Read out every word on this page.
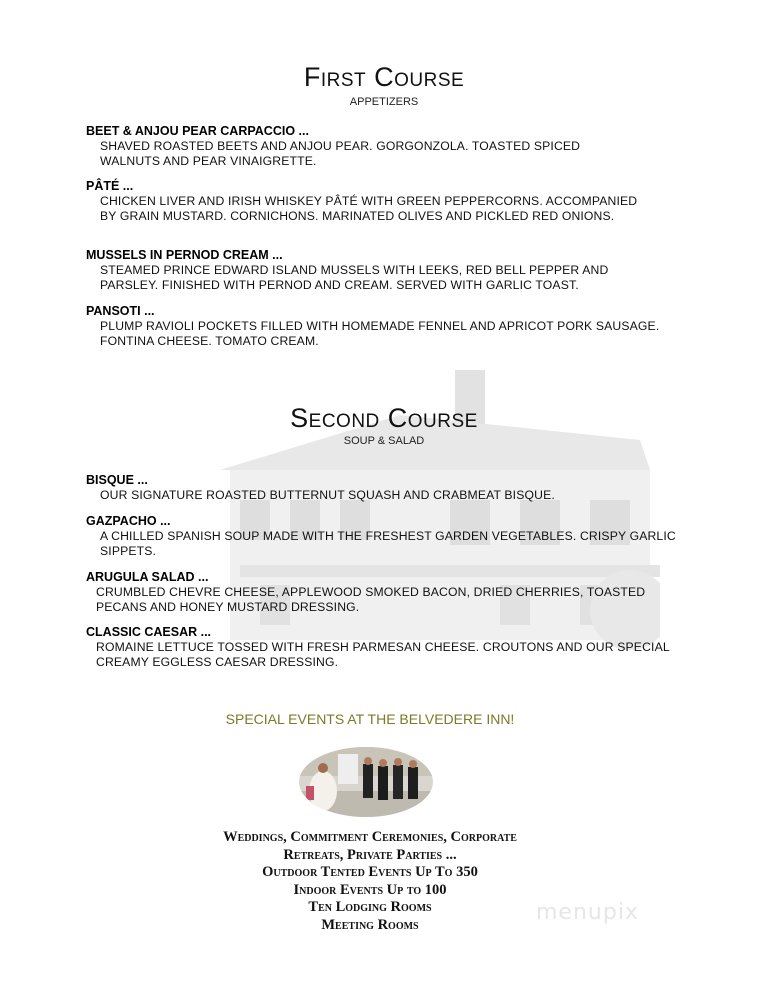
First Course
APPETIZERS
BEET & ANJOU PEAR CARPACCIO ...
SHAVED ROASTED BEETS AND ANJOU PEAR. GORGONZOLA. TOASTED SPICED WALNUTS AND PEAR VINAIGRETTE.
PÂTÉ ...
CHICKEN LIVER AND IRISH WHISKEY PÂTÉ WITH GREEN PEPPERCORNS. ACCOMPANIED BY GRAIN MUSTARD. CORNICHONS. MARINATED OLIVES AND PICKLED RED ONIONS.
MUSSELS IN PERNOD CREAM ...
STEAMED PRINCE EDWARD ISLAND MUSSELS WITH LEEKS, RED BELL PEPPER AND PARSLEY. FINISHED WITH PERNOD AND CREAM. SERVED WITH GARLIC TOAST.
PANSOTI ...
PLUMP RAVIOLI POCKETS FILLED WITH HOMEMADE FENNEL AND APRICOT PORK SAUSAGE. FONTINA CHEESE. TOMATO CREAM.
Second Course
SOUP & SALAD
BISQUE ...
OUR SIGNATURE ROASTED BUTTERNUT SQUASH AND CRABMEAT BISQUE.
GAZPACHO ...
A CHILLED SPANISH SOUP MADE WITH THE FRESHEST GARDEN VEGETABLES. CRISPY GARLIC SIPPETS.
ARUGULA SALAD ...
CRUMBLED CHEVRE CHEESE, APPLEWOOD SMOKED BACON, DRIED CHERRIES, TOASTED PECANS AND HONEY MUSTARD DRESSING.
CLASSIC CAESAR ...
ROMAINE LETTUCE TOSSED WITH FRESH PARMESAN CHEESE. CROUTONS AND OUR SPECIAL CREAMY EGGLESS CAESAR DRESSING.
SPECIAL EVENTS AT THE BELVEDERE INN!
Weddings, Commitment Ceremonies, Corporate
Retreats, Private Parties ...
Outdoor Tented Events Up To 350
Indoor Events Up to 100
Ten Lodging Rooms
Meeting Rooms	menupix
